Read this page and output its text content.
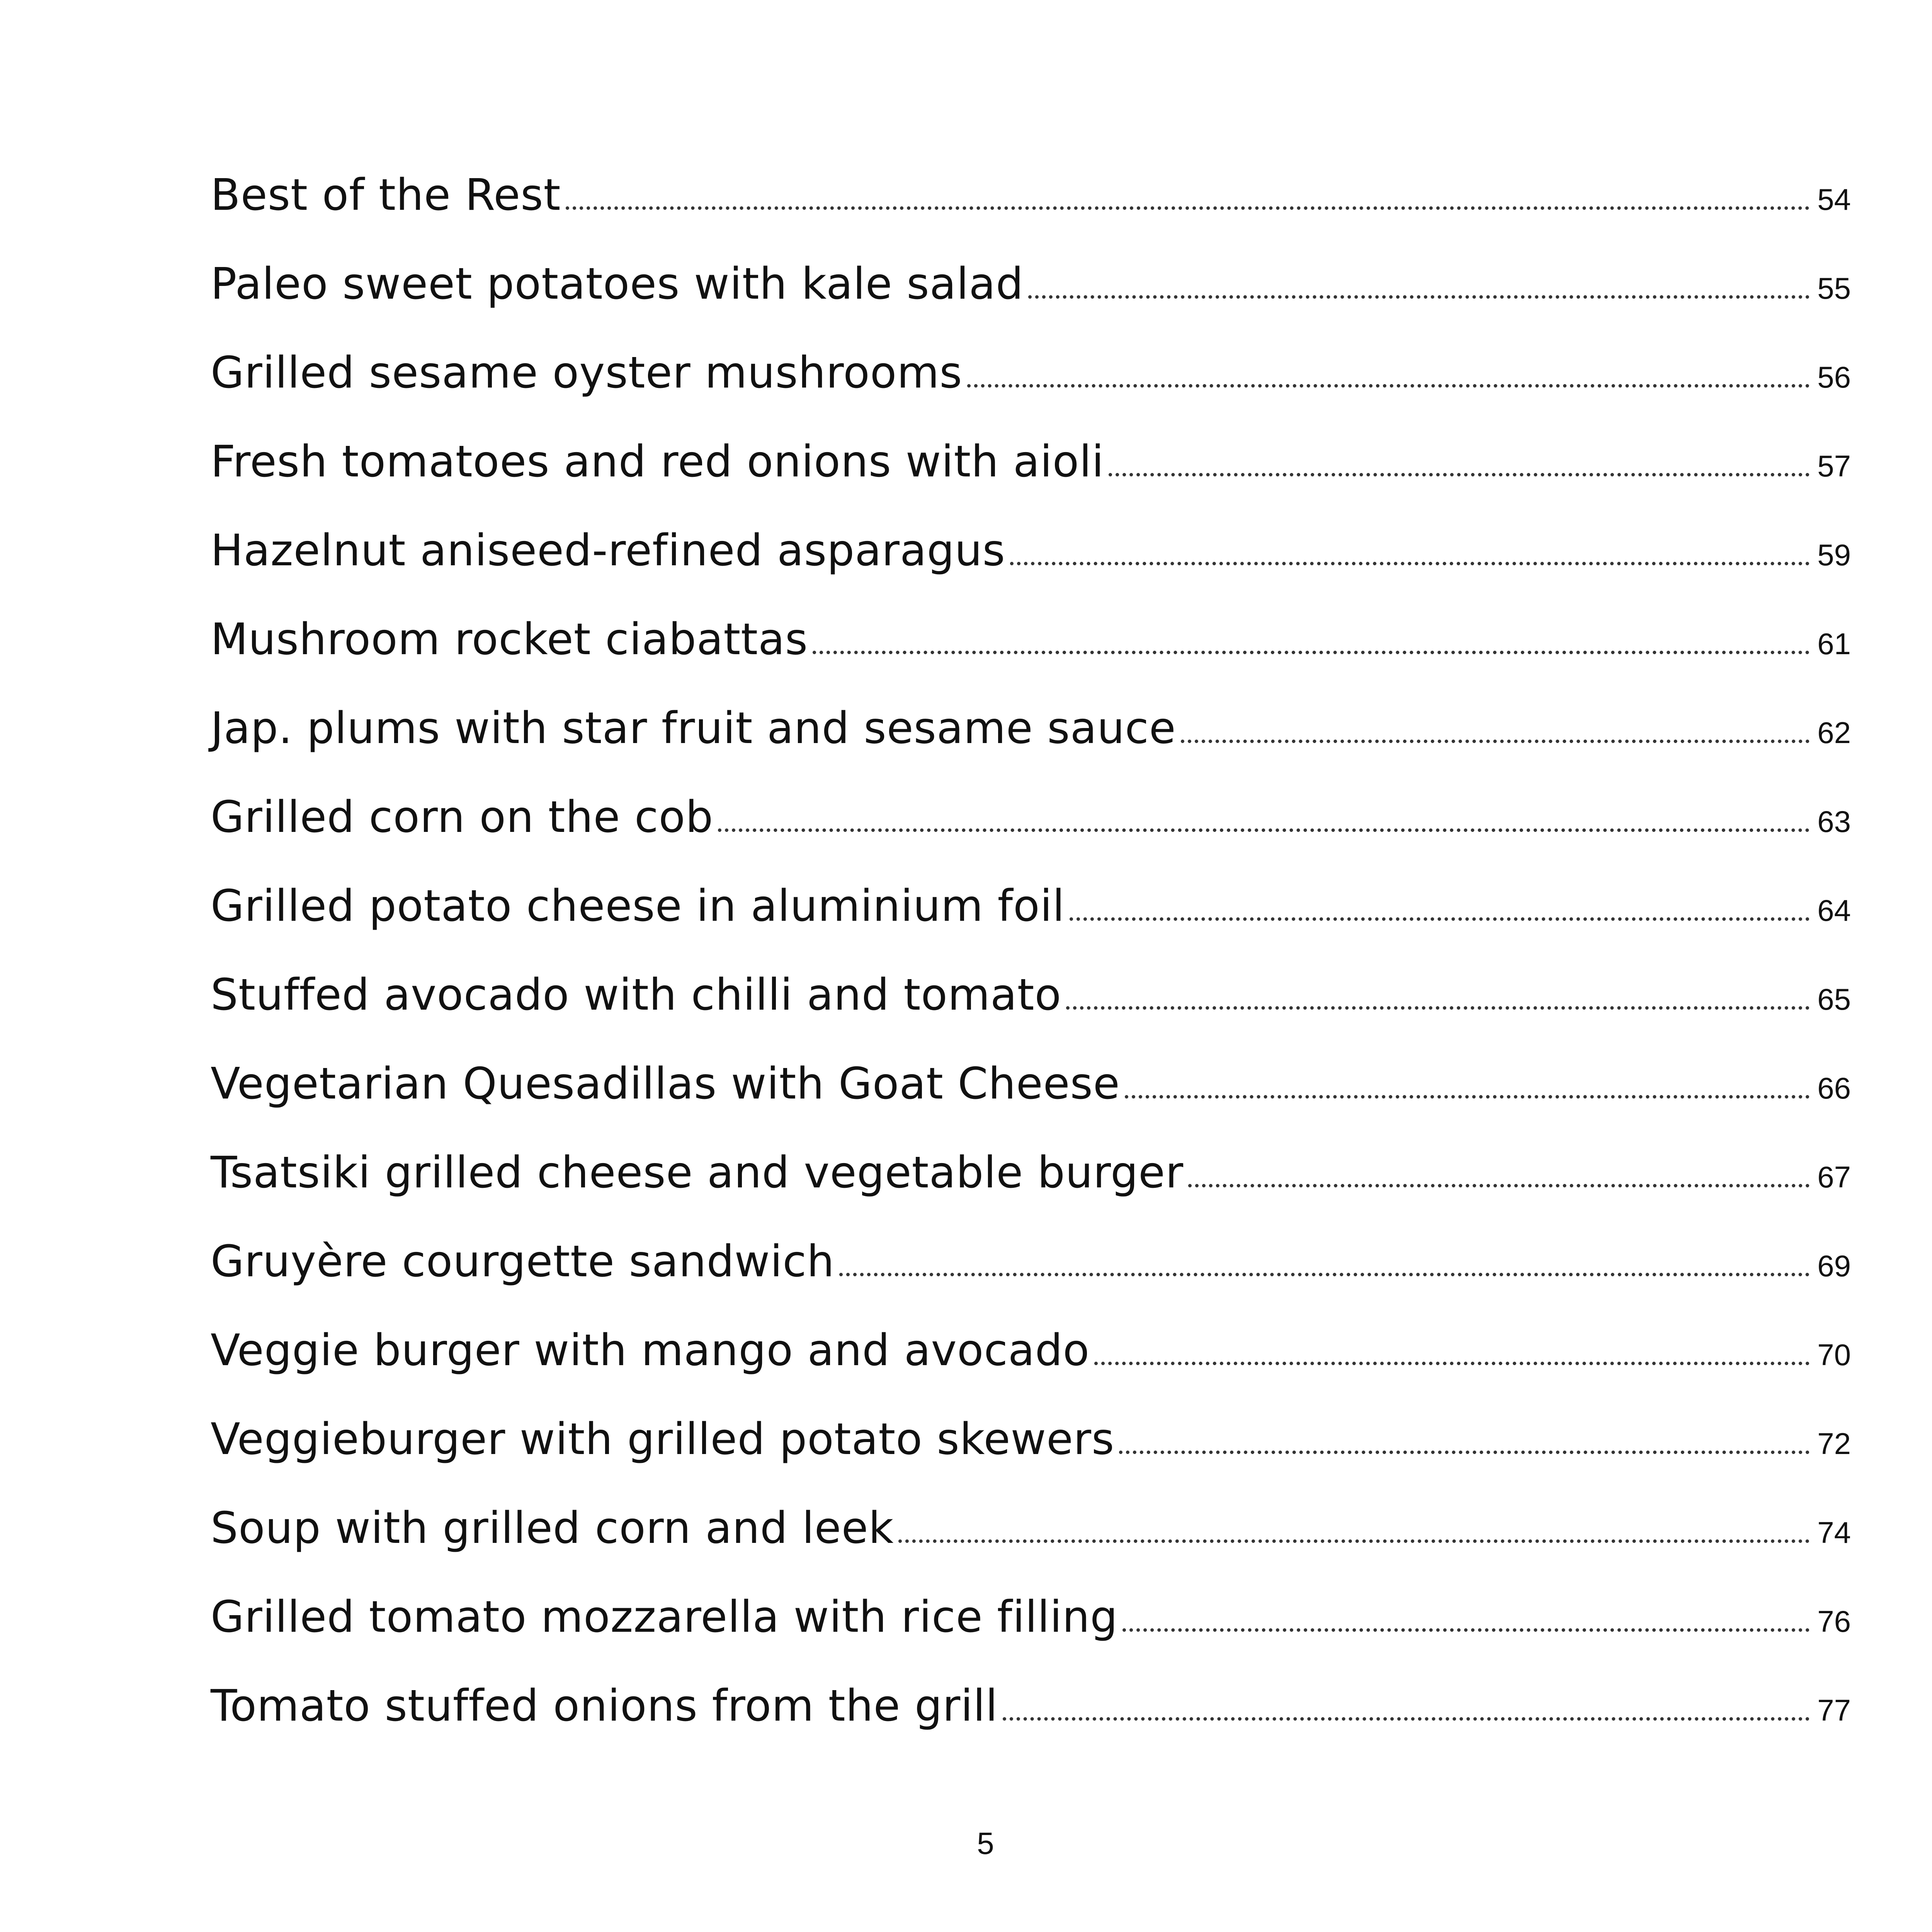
Best of the Rest	54
Paleo sweet potatoes with kale salad	55
Grilled sesame oyster mushrooms	56
Fresh tomatoes and red onions with aioli	57
Hazelnut aniseed-refined asparagus	59
Mushroom rocket ciabattas	61
Jap. plums with star fruit and sesame sauce	62
Grilled corn on the cob	63
Grilled potato cheese in aluminium foil	64
Stuffed avocado with chilli and tomato	65
Vegetarian Quesadillas with Goat Cheese	66
Tsatsiki grilled cheese and vegetable burger	67
Gruyère courgette sandwich	69
Veggie burger with mango and avocado	70
Veggieburger with grilled potato skewers	72
Soup with grilled corn and leek	74
Grilled tomato mozzarella with rice filling	76
Tomato stuffed onions from the grill	77
5
